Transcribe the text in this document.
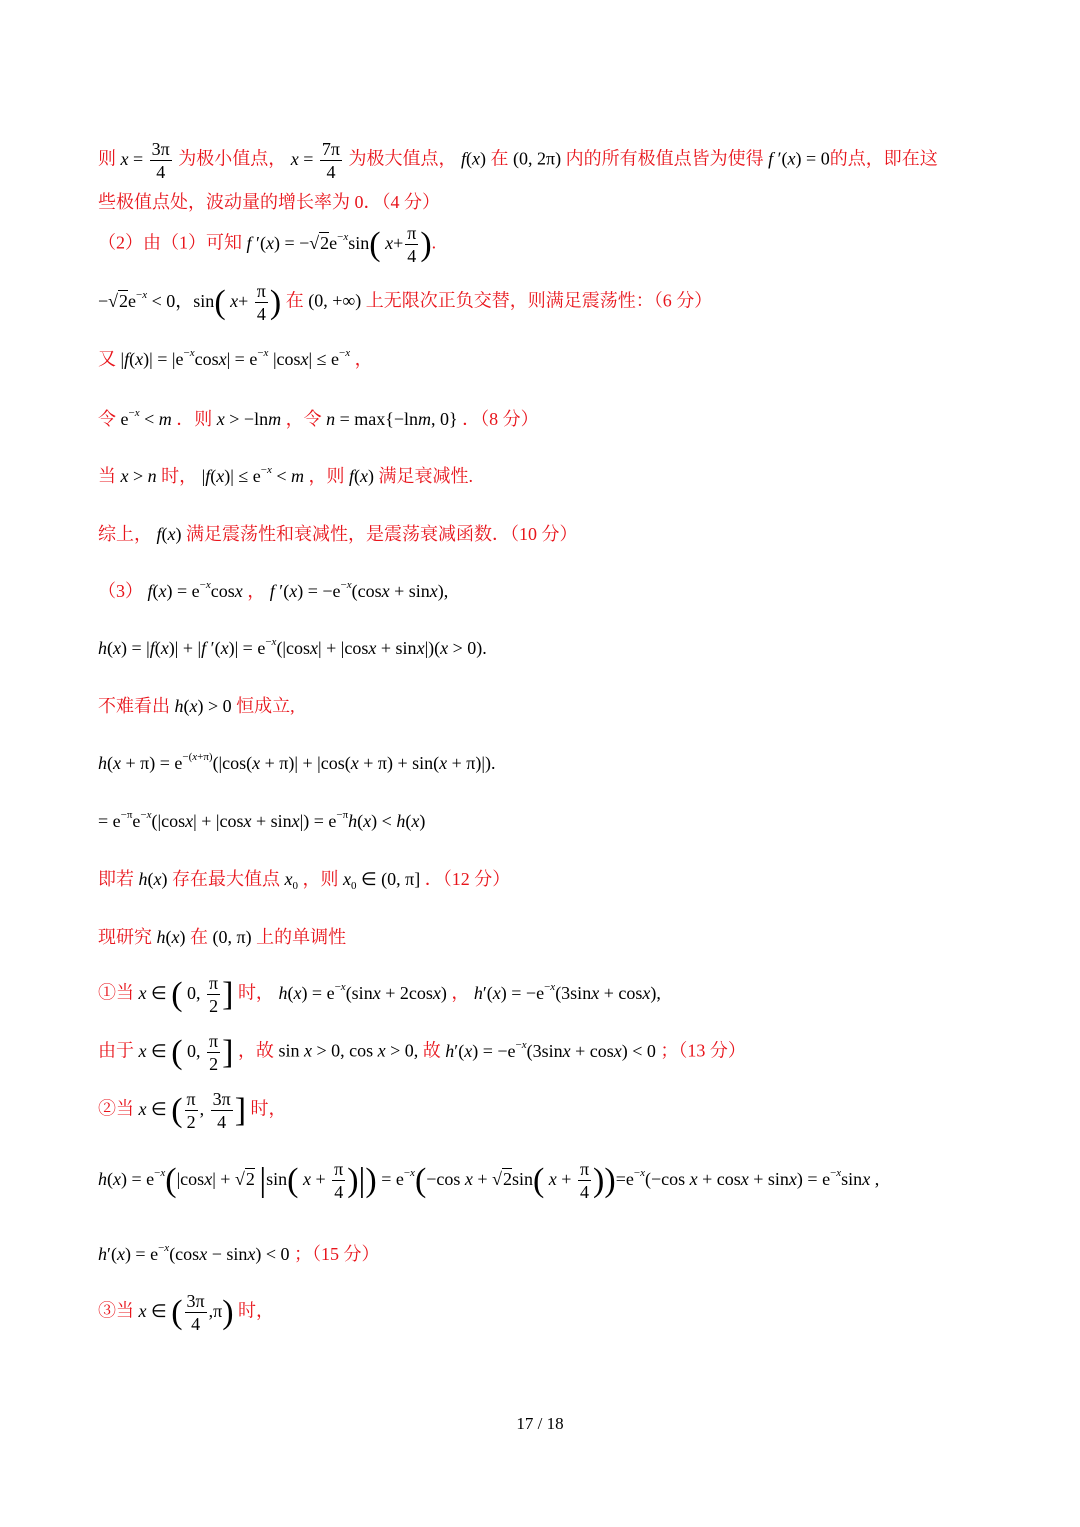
则 $x = \frac{3\pi}{4}$ 为极小值点， $x = \frac{7\pi}{4}$ 为极大值点， f(x) 在 (0, 2π) 内的所有极值点皆为使得 f ′(x) = 0的点，即在这
些极值点处，波动量的增长率为 0．（4 分）
（2）由（1）可知 f $'(x) = -√2e^{-x}\sin$( $x+ \frac{\pi}{4}$ ).
$-√2e^{-x} < 0$，sin( $x+ \frac{\pi}{4}$ ) 在 (0, +∞) 上无限次正负交替，则满足震荡性：（6 分）
又 $|f(x)| = |e^{-x}\cos x| = e^{-x}$ $|\cos x| \le e^{-x}$ ，
令 $e^{-x} < m$ ．则 x > −lnm ，令 n = max{−lnm, 0} ．（8 分）
当 x > n 时， $|f(x)| \le e^{-x} < m$ ，则 f(x) 满足衰减性.
综上， f(x) 满足震荡性和衰减性，是震荡衰减函数．（10 分）
（3） $f(x) = e^{-x}\cos x$ ， f $'(x) = -e^{-x}(\cos x + \sin x)$,
h(x) = |f(x)| + |f $'(x)| = e^{-x}(|\cos x| + |\cos x + \sin x|)(x > 0)$.
不难看出 h(x) > 0 恒成立,
$h(x + \pi) = e^{-(x+\pi)}(|\cos(x + \pi)| + |\cos(x + \pi) + \sin(x + \pi)|)$.
= $e^{-\pi}e^{-x}(|\cos x| + |\cos x + \sin x|) = e^{-\pi}h(x) < h(x)$
即若 h(x) 存在最大值点 $x_0$ ，则 $x_0$ ∈ (0, π] ．（12 分）
现研究 h(x) 在 (0, π) 上的单调性
①当 x ∈ ( 0, $\frac{\pi}{2}$ ] 时， $h(x) = e^{-x}(\sin x + 2\cos x)$ ， $h'(x) = -e^{-x}(3\sin x + \cos x)$,
由于 x ∈ ( 0, $\frac{\pi}{2}$ ] ，故 sin x > 0, cos x > 0, 故 $h'(x) = -e^{-x}(3\sin x + \cos x) < 0$ ；（13 分）
②当 x ∈ ( $\frac{\pi}{2}$ , $\frac{3\pi}{4}$ ] 时，
$h(x) = e^{-x}(|\cos x| + √2$ |sin( $x + \frac{\pi}{4}$ )|) = $e^{-x}(-\cos$ x + √2sin( $x + \frac{\pi}{4} ))=e^{-x}(-\cos$ $x + \cos x + \sin x) = e^{-x}\sin x$ ,
$h'(x) = e^{-x}(\cos x - \sin x) < 0$ ；（15 分）
③当 x ∈ ( $\frac{3\pi}{4} ,\pi$) 时，
17 / 18
